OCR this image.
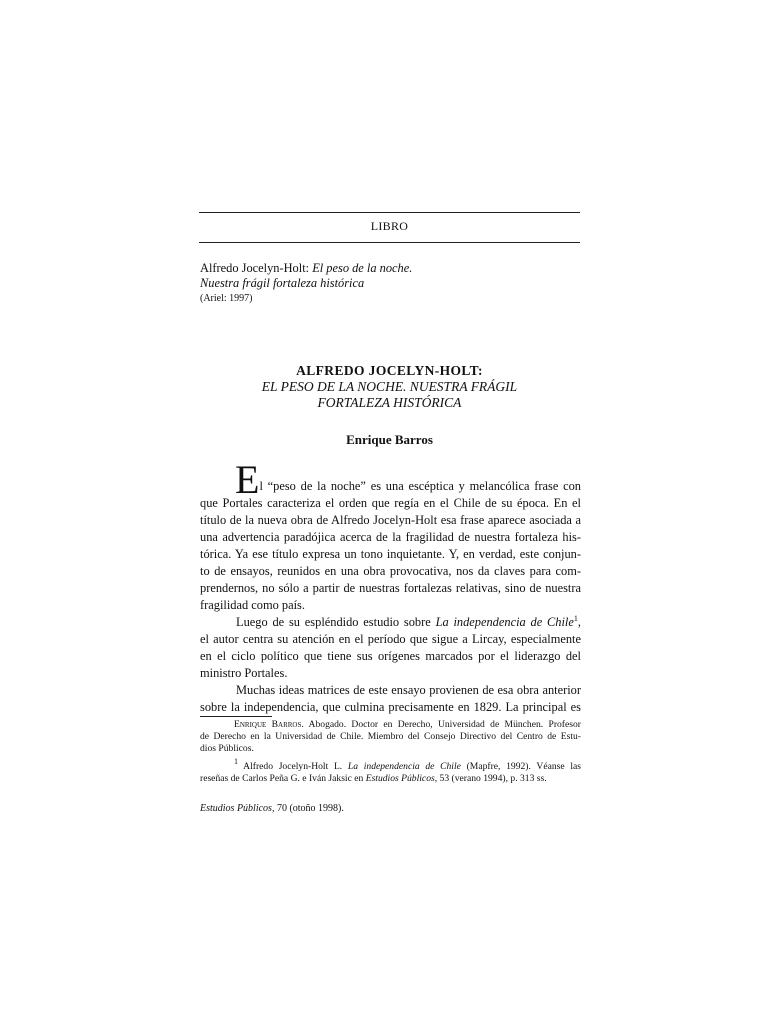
LIBRO
Alfredo Jocelyn-Holt: El peso de la noche.
Nuestra frágil fortaleza histórica
(Ariel: 1997)
ALFREDO JOCELYN-HOLT:
EL PESO DE LA NOCHE. NUESTRA FRÁGIL
FORTALEZA HISTÓRICA
Enrique Barros

El “peso de la noche” es una escéptica y melancólica frase con
que Portales caracteriza el orden que regía en el Chile de su época. En el
título de la nueva obra de Alfredo Jocelyn-Holt esa frase aparece asociada a
una advertencia paradójica acerca de la fragilidad de nuestra fortaleza his-
tórica. Ya ese título expresa un tono inquietante. Y, en verdad, este conjun-
to de ensayos, reunidos en una obra provocativa, nos da claves para com-
prendernos, no sólo a partir de nuestras fortalezas relativas, sino de nuestra
fragilidad como país.

Luego de su espléndido estudio sobre La independencia de Chile$^1$,
el autor centra su atención en el período que sigue a Lircay, especialmente
en el ciclo político que tiene sus orígenes marcados por el liderazgo del
ministro Portales.

Muchas ideas matrices de este ensayo provienen de esa obra anterior
sobre la independencia, que culmina precisamente en 1829. La principal es

Enrique Barros. Abogado. Doctor en Derecho, Universidad de München. Profesor
de Derecho en la Universidad de Chile. Miembro del Consejo Directivo del Centro de Estu-
dios Públicos.

$^1$ Alfredo Jocelyn-Holt L. La independencia de Chile (Mapfre, 1992). Véanse las
reseñas de Carlos Peña G. e Iván Jaksic en Estudios Públicos, 53 (verano 1994), p. 313 ss.

Estudios Públicos, 70 (otoño 1998).
